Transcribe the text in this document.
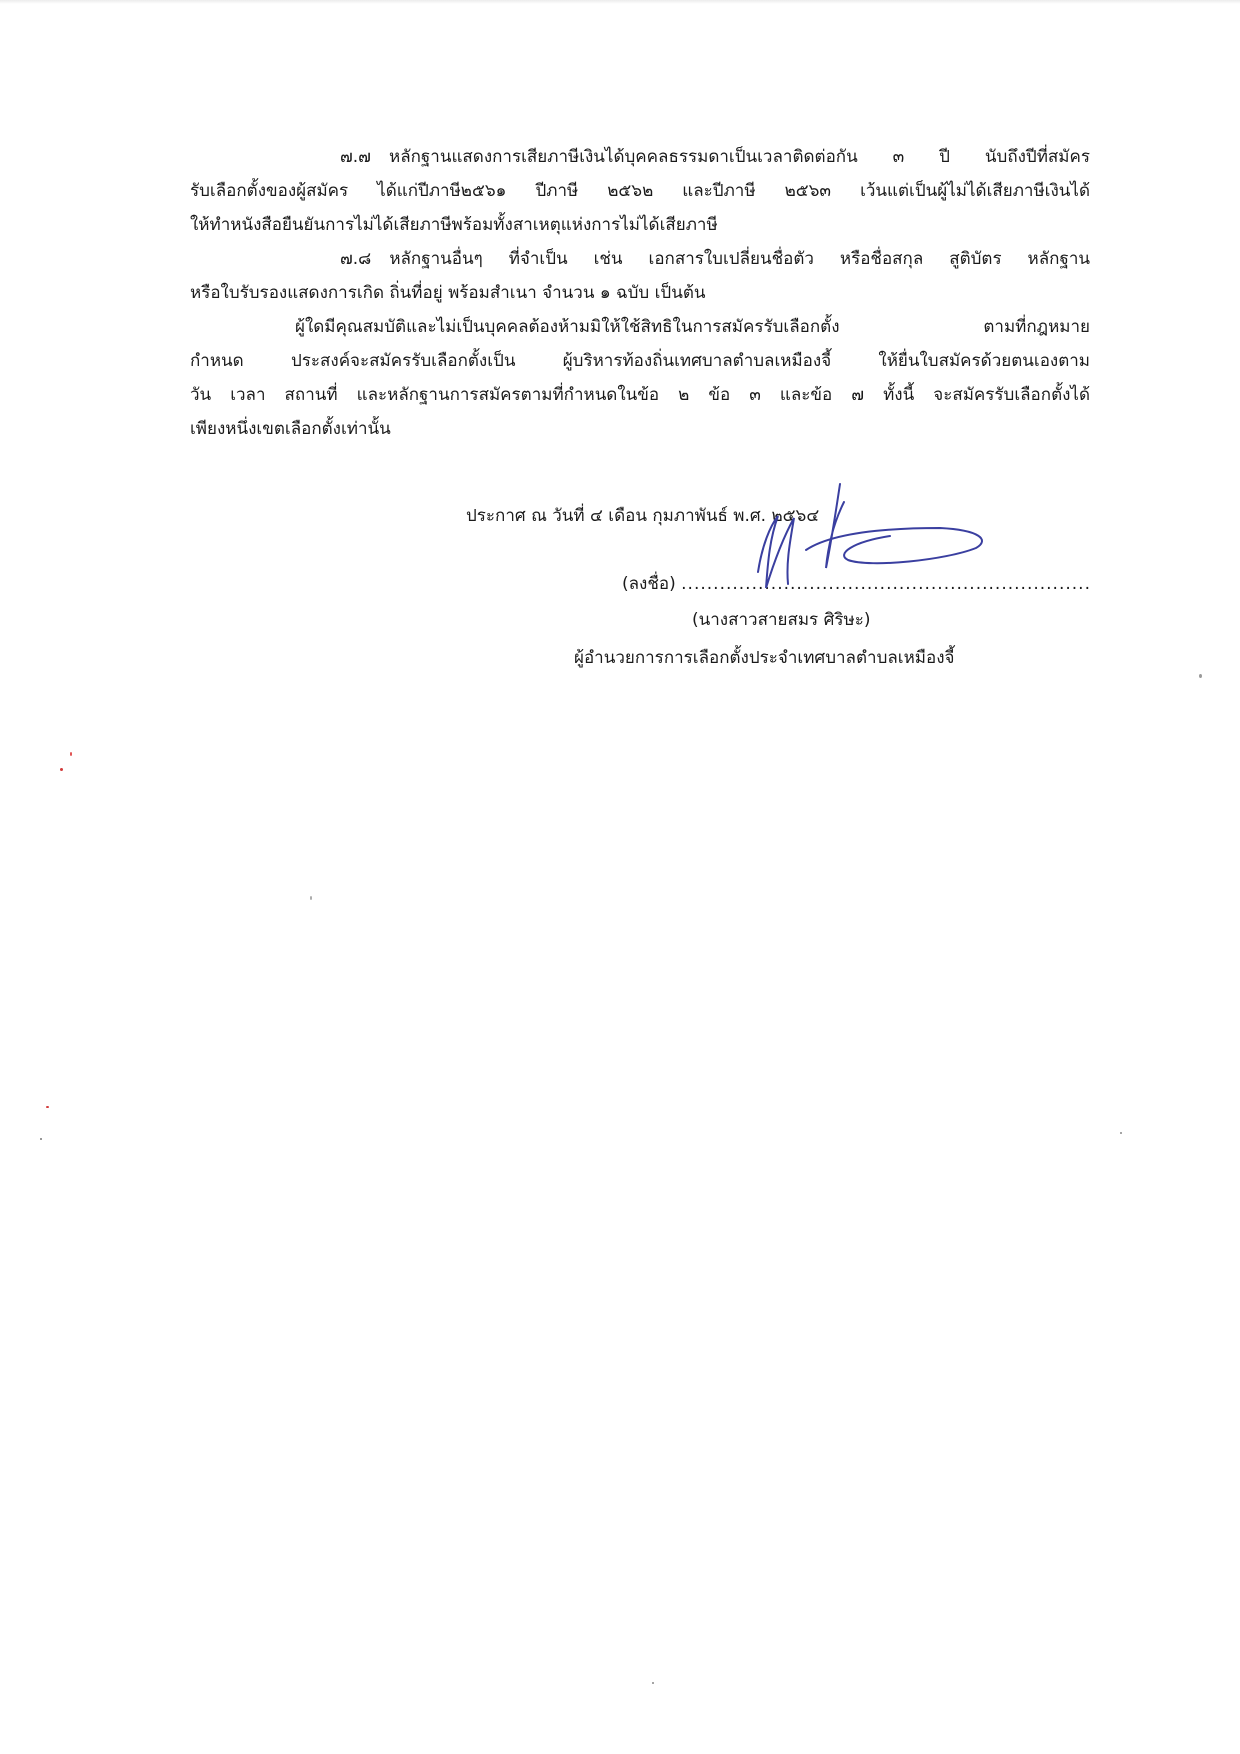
๗.๗ หลักฐานแสดงการเสียภาษีเงินได้บุคคลธรรมดาเป็นเวลาติดต่อกัน ๓ ปี นับถึงปีที่สมัคร

รับเลือกตั้งของผู้สมัคร ได้แก่ปีภาษี๒๕๖๑ ปีภาษี ๒๕๖๒ และปีภาษี ๒๕๖๓ เว้นแต่เป็นผู้ไม่ได้เสียภาษีเงินได้

ให้ทำหนังสือยืนยันการไม่ได้เสียภาษีพร้อมทั้งสาเหตุแห่งการไม่ได้เสียภาษี

๗.๘ หลักฐานอื่นๆ ที่จำเป็น เช่น เอกสารใบเปลี่ยนชื่อตัว หรือชื่อสกุล สูติบัตร หลักฐาน

หรือใบรับรองแสดงการเกิด ถิ่นที่อยู่ พร้อมสำเนา จำนวน ๑ ฉบับ เป็นต้น

ผู้ใดมีคุณสมบัติและไม่เป็นบุคคลต้องห้ามมิให้ใช้สิทธิในการสมัครรับเลือกตั้ง ตามที่กฎหมาย

กำหนด ประสงค์จะสมัครรับเลือกตั้งเป็น ผู้บริหารท้องถิ่นเทศบาลตำบลเหมืองจี้ ให้ยื่นใบสมัครด้วยตนเองตาม

วัน เวลา สถานที่ และหลักฐานการสมัครตามที่กำหนดในข้อ ๒ ข้อ ๓ และข้อ ๗ ทั้งนี้ จะสมัครรับเลือกตั้งได้

เพียงหนึ่งเขตเลือกตั้งเท่านั้น

ประกาศ ณ วันที่ ๔ เดือน กุมภาพันธ์ พ.ศ. ๒๕๖๔
(ลงชื่อ) ................................................................
(นางสาวสายสมร ศิริษะ)
ผู้อำนวยการการเลือกตั้งประจำเทศบาลตำบลเหมืองจี้
